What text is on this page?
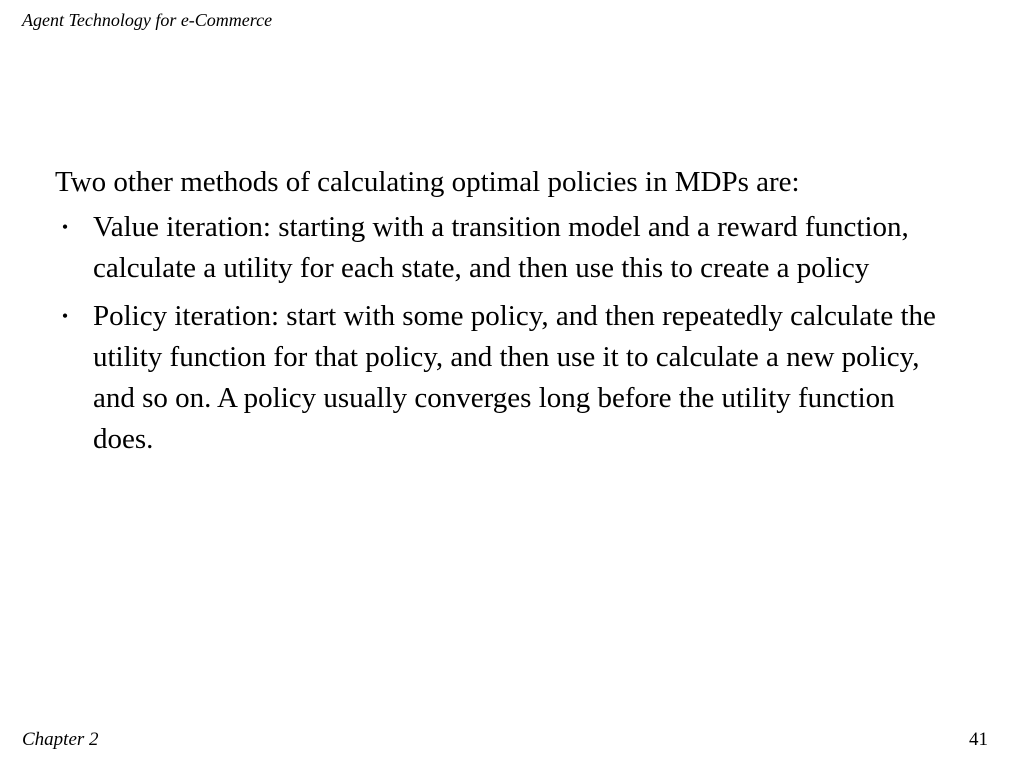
Agent Technology for e-Commerce

Two other methods of calculating optimal policies in MDPs are:

•
Value iteration: starting with a transition model and a reward function, calculate a utility for each state, and then use this to create a policy
•
Policy iteration: start with some policy, and then repeatedly calculate the utility function for that policy, and then use it to calculate a new policy, and so on. A policy usually converges long before the utility function does.
Chapter 2	41
